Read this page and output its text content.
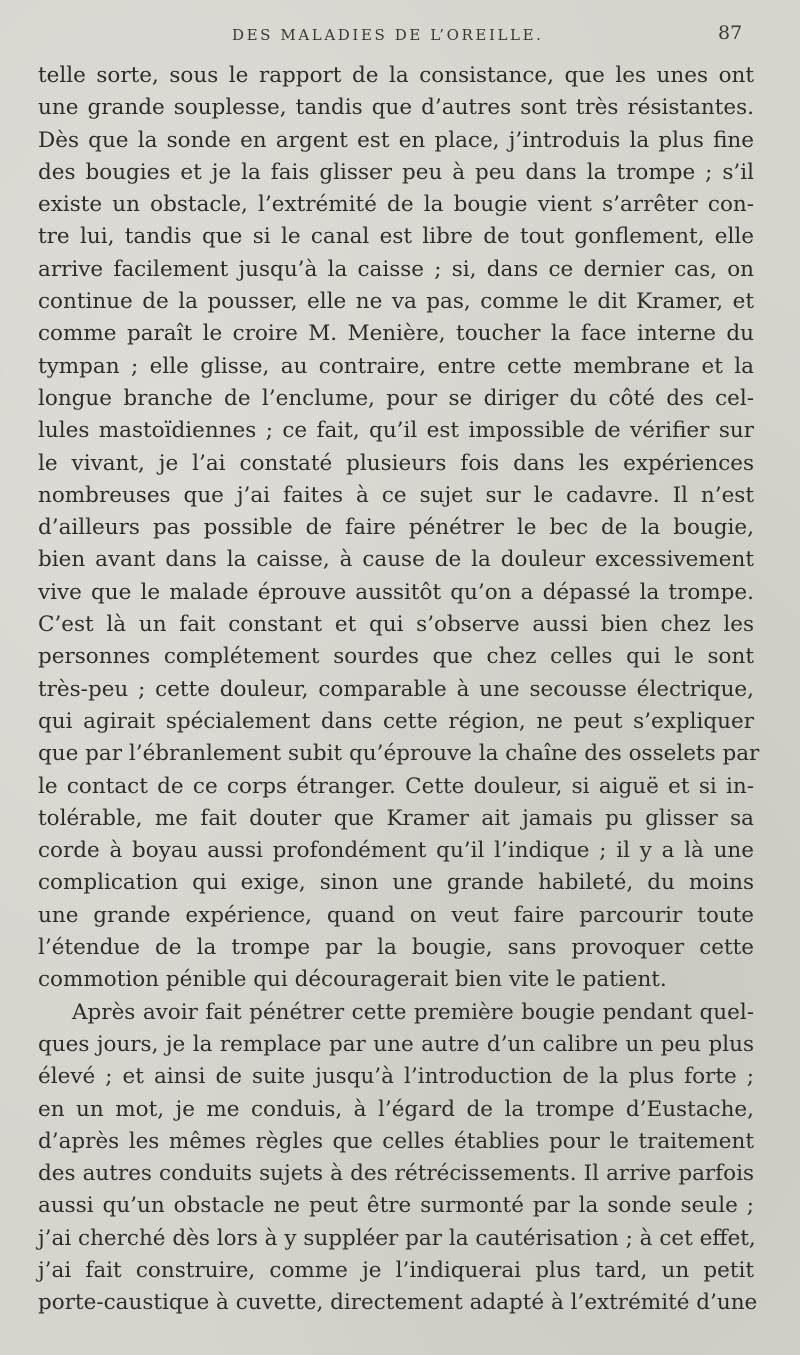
DES MALADIES DE L’OREILLE.	87
telle sorte, sous le rapport de la consistance, que les unes ont
une grande souplesse, tandis que d’autres sont très résistantes.
Dès que la sonde en argent est en place, j’introduis la plus fine
des bougies et je la fais glisser peu à peu dans la trompe ; s’il
existe un obstacle, l’extrémité de la bougie vient s’arrêter con-
tre lui, tandis que si le canal est libre de tout gonflement, elle
arrive facilement jusqu’à la caisse ; si, dans ce dernier cas, on
continue de la pousser, elle ne va pas, comme le dit Kramer, et
comme paraît le croire M. Menière, toucher la face interne du
tympan ; elle glisse, au contraire, entre cette membrane et la
longue branche de l’enclume, pour se diriger du côté des cel-
lules mastoïdiennes ; ce fait, qu’il est impossible de vérifier sur
le vivant, je l’ai constaté plusieurs fois dans les expériences
nombreuses que j’ai faites à ce sujet sur le cadavre. Il n’est
d’ailleurs pas possible de faire pénétrer le bec de la bougie,
bien avant dans la caisse, à cause de la douleur excessivement
vive que le malade éprouve aussitôt qu’on a dépassé la trompe.
C’est là un fait constant et qui s’observe aussi bien chez les
personnes complétement sourdes que chez celles qui le sont
très-peu ; cette douleur, comparable à une secousse électrique,
qui agirait spécialement dans cette région, ne peut s’expliquer
que par l’ébranlement subit qu’éprouve la chaîne des osselets par
le contact de ce corps étranger. Cette douleur, si aiguë et si in-
tolérable, me fait douter que Kramer ait jamais pu glisser sa
corde à boyau aussi profondément qu’il l’indique ; il y a là une
complication qui exige, sinon une grande habileté, du moins
une grande expérience, quand on veut faire parcourir toute
l’étendue de la trompe par la bougie, sans provoquer cette
commotion pénible qui découragerait bien vite le patient.
Après avoir fait pénétrer cette première bougie pendant quel-
ques jours, je la remplace par une autre d’un calibre un peu plus
élevé ; et ainsi de suite jusqu’à l’introduction de la plus forte ;
en un mot, je me conduis, à l’égard de la trompe d’Eustache,
d’après les mêmes règles que celles établies pour le traitement
des autres conduits sujets à des rétrécissements. Il arrive parfois
aussi qu’un obstacle ne peut être surmonté par la sonde seule ;
j’ai cherché dès lors à y suppléer par la cautérisation ; à cet effet,
j’ai fait construire, comme je l’indiquerai plus tard, un petit
porte-caustique à cuvette, directement adapté à l’extrémité d’une
